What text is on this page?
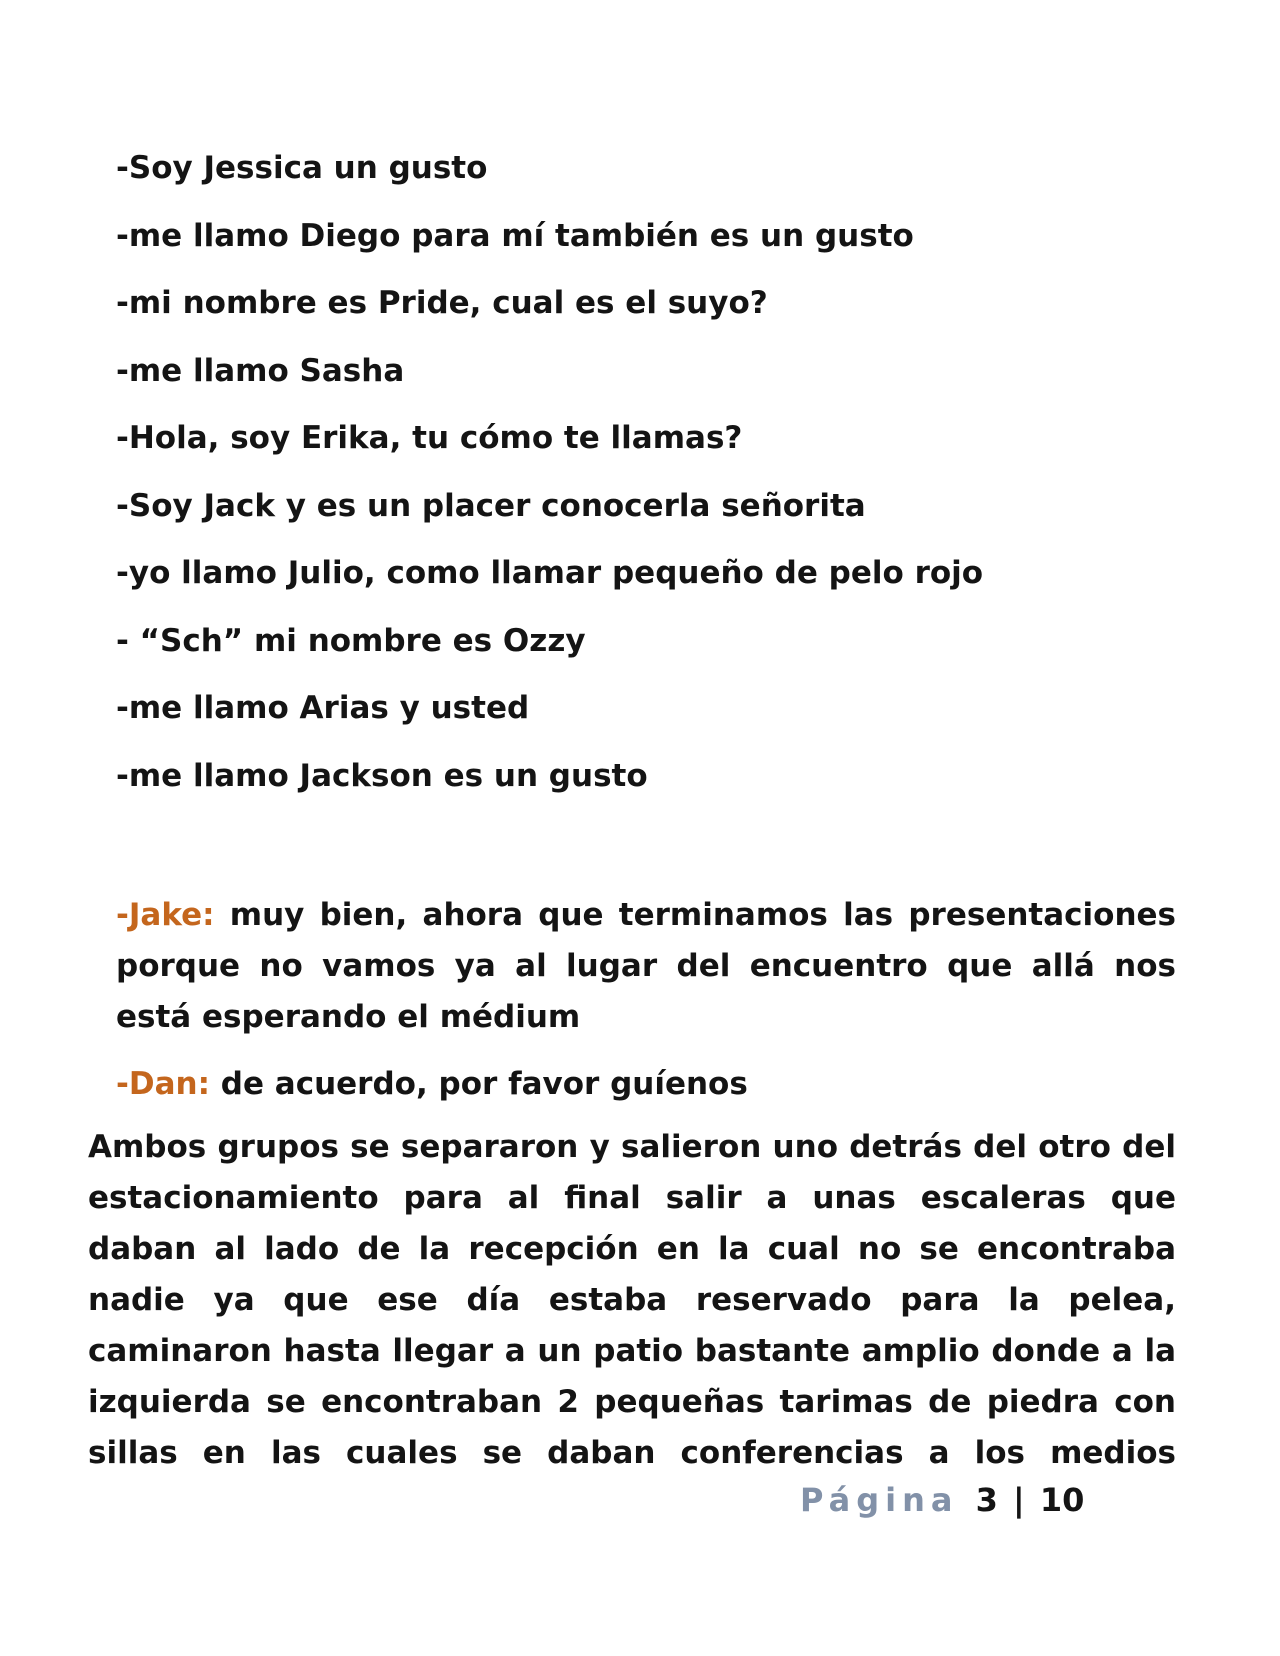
-Soy Jessica un gusto
-me llamo Diego para mí también es un gusto
-mi nombre es Pride, cual es el suyo?
-me llamo Sasha
-Hola, soy Erika, tu cómo te llamas?
-Soy Jack y es un placer conocerla señorita
-yo llamo Julio, como llamar pequeño de pelo rojo
- “Sch” mi nombre es Ozzy
-me llamo Arias y usted
-me llamo Jackson es un gusto
-Jake: muy bien, ahora que terminamos las presentaciones porque no vamos ya al lugar del encuentro que allá nos está esperando el médium
-Dan: de acuerdo, por favor guíenos
Ambos grupos se separaron y salieron uno detrás del otro del estacionamiento para al final salir a unas escaleras que daban al lado de la recepción en la cual no se encontraba nadie ya que ese día estaba reservado para la pelea, caminaron hasta llegar a un patio bastante amplio donde a la izquierda se encontraban 2 pequeñas tarimas de piedra con sillas en las cuales se daban conferencias a los medios
Página 3 | 10
